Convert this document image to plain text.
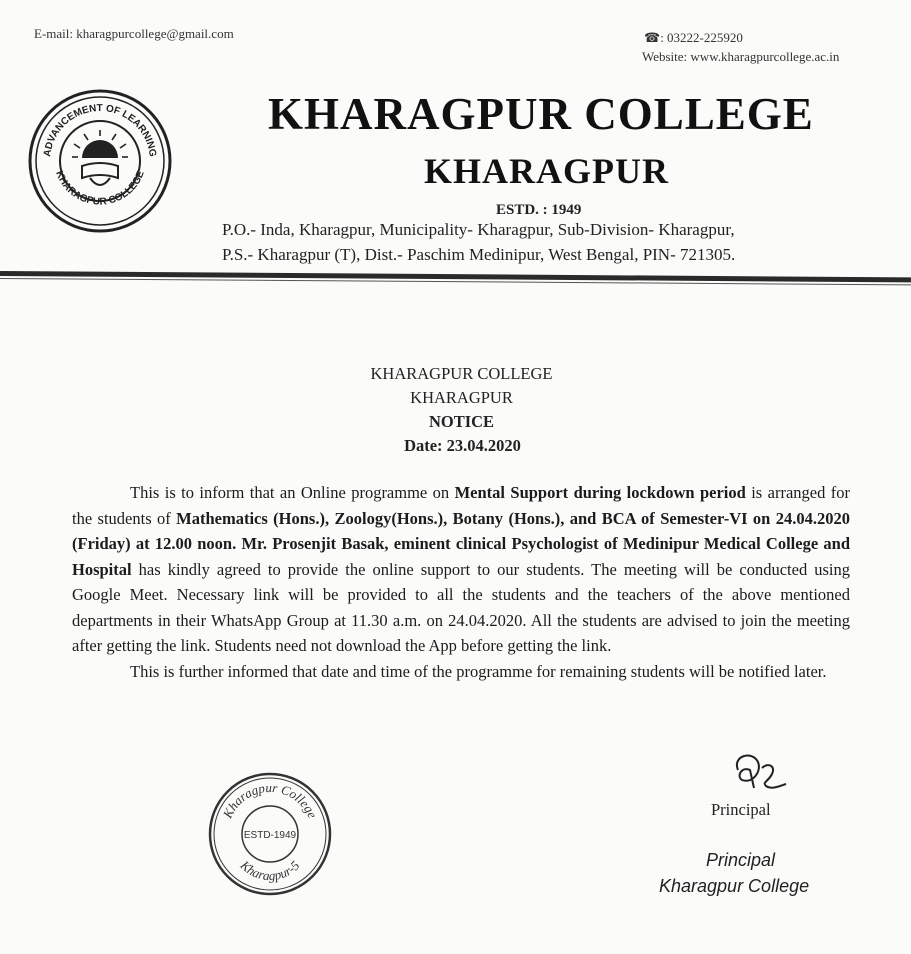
E-mail: kharagpurcollege@gmail.com	☎: 03222-225920
Website: www.kharagpurcollege.ac.in
ADVANCEMENT OF LEARNING
KHARAGPUR COLLEGE
KHARAGPUR COLLEGE
KHARAGPUR
ESTD. : 1949
P.O.- Inda, Kharagpur, Municipality- Kharagpur, Sub-Division- Kharagpur,
P.S.- Kharagpur (T), Dist.- Paschim Medinipur, West Bengal, PIN- 721305.
KHARAGPUR COLLEGE
KHARAGPUR
NOTICE
Date: 23.04.2020

This is to inform that an Online programme on Mental Support during lockdown period is arranged for the students of Mathematics (Hons.), Zoology(Hons.), Botany (Hons.), and BCA of Semester-VI on 24.04.2020 (Friday) at 12.00 noon. Mr. Prosenjit Basak, eminent clinical Psychologist of Medinipur Medical College and Hospital has kindly agreed to provide the online support to our students. The meeting will be conducted using Google Meet. Necessary link will be provided to all the students and the teachers of the above mentioned departments in their WhatsApp Group at 11.30 a.m. on 24.04.2020. All the students are advised to join the meeting after getting the link. Students need not download the App before getting the link.

This is further informed that date and time of the programme for remaining students will be notified later.

Kharagpur College
Kharagpur-5
ESTD-1949
Principal
Principal
Kharagpur College
